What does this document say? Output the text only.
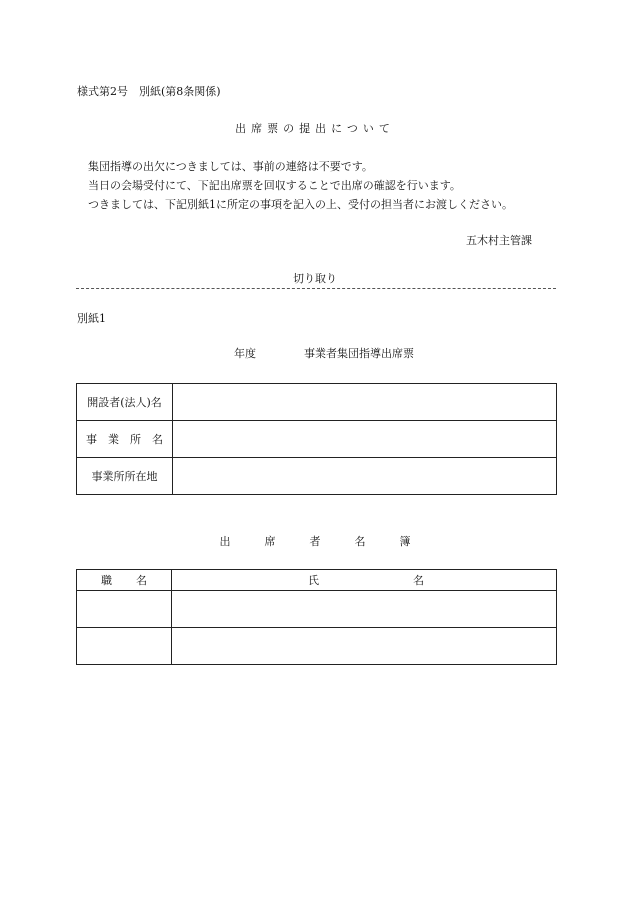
様式第2号　別紙(第8条関係)
出席票の提出について
集団指導の出欠につきましては、事前の連絡は不要です。
当日の会場受付にて、下記出席票を回収することで出席の確認を行います。
つきましては、下記別紙1に所定の事項を記入の上、受付の担当者にお渡しください。
五木村主管課
切り取り
別紙1
年度	事業者集団指導出席票
開設者(法人)名	
事　業　所　名	
事業所所在地	
出	席	者	名	簿
職 名	氏 名
